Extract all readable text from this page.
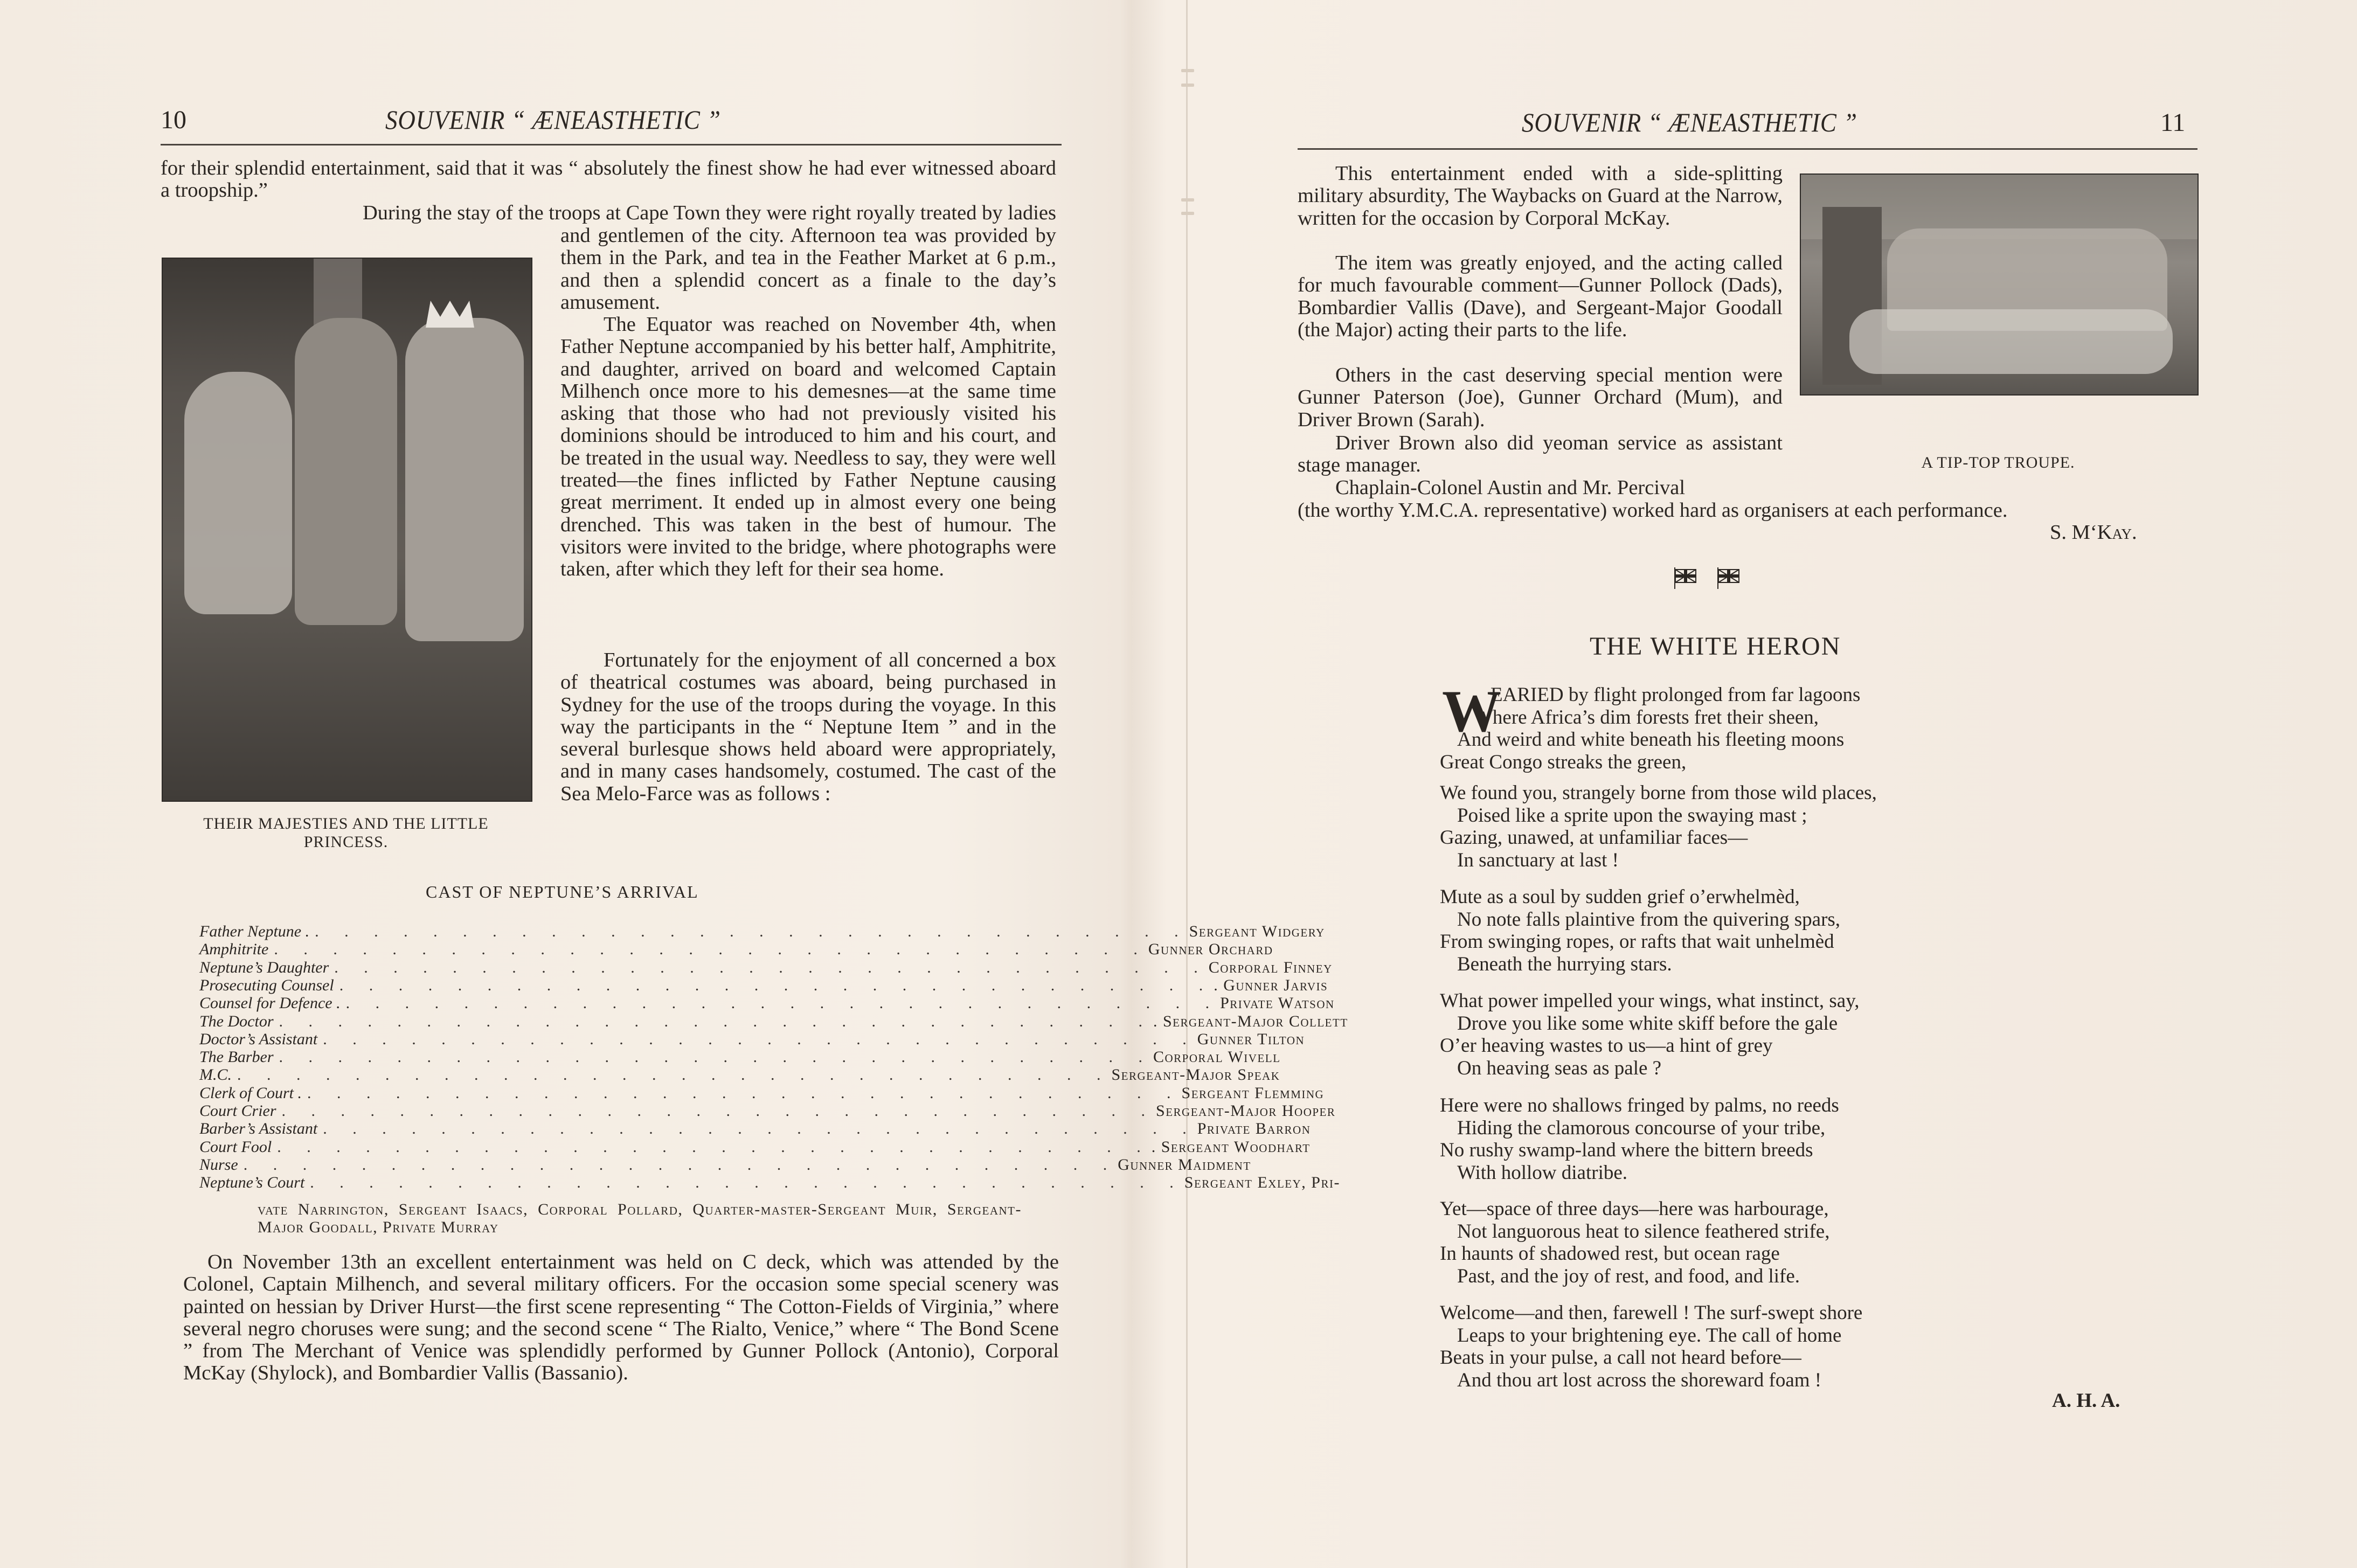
10	SOUVENIR “ ÆNEASTHETIC ”

for their splendid entertainment, said that it was “ absolutely the finest show he had ever witnessed aboard a troopship.”

During the stay of the troops at Cape Town they were right royally treated by ladies

and gentlemen of the city. Afternoon tea was provided by them in the Park, and tea in the Feather Market at 6 p.m., and then a splendid concert as a finale to the day’s amusement.

THEIR MAJESTIES AND THE LITTLE PRINCESS.

The Equator was reached on November 4th, when Father Neptune accompanied by his better half, Amphitrite, and daughter, arrived on board and welcomed Captain Milhench once more to his demesnes—at the same time asking that those who had not previously visited his dominions should be introduced to him and his court, and be treated in the usual way. Needless to say, they were well treated—the fines inflicted by Father Neptune causing great merriment. It ended up in almost every one being drenched. This was taken in the best of humour. The visitors were invited to the bridge, where photographs were taken, after which they left for their sea home.

Fortunately for the enjoyment of all concerned a box of theatrical costumes was aboard, being purchased in Sydney for the use of the troops during the voyage. In this way the participants in the “ Neptune Item ” and in the several burlesque shows held aboard were appropriately, and in many cases handsomely, costumed. The cast of the Sea Melo-Farce was as follows :

CAST OF NEPTUNE’S ARRIVAL
vate Narrington, Sergeant Isaacs, Corporal Pollard, Quarter-master-Sergeant Muir, Sergeant-Major Goodall, Private Murray

On November 13th an excellent entertainment was held on C deck, which was attended by the Colonel, Captain Milhench, and several military officers. For the occasion some special scenery was painted on hessian by Driver Hurst—the first scene representing “ The Cotton-Fields of Virginia,” where several negro choruses were sung; and the second scene “ The Rialto, Venice,” where “ The Bond Scene ” from The Merchant of Venice was splendidly performed by Gunner Pollock (Antonio), Corporal McKay (Shylock), and Bombardier Vallis (Bassanio).

Father Neptune . . . . . . . . . . . . . . . . . . . . . . . . . . . . . . . Sergeant Widgery
Amphitrite . . . . . . . . . . . . . . . . . . . . . . . . . . . . . . Gunner Orchard
Neptune’s Daughter . . . . . . . . . . . . . . . . . . . . . . . . . . . . . . Corporal Finney
Prosecuting Counsel . . . . . . . . . . . . . . . . . . . . . . . . . . . . . . . Gunner Jarvis
Counsel for Defence . . . . . . . . . . . . . . . . . . . . . . . . . . . . . . . Private Watson
The Doctor . . . . . . . . . . . . . . . . . . . . . . . . . . . . . . . Sergeant-Major Collett
Doctor’s Assistant . . . . . . . . . . . . . . . . . . . . . . . . . . . . . . Gunner Tilton
The Barber . . . . . . . . . . . . . . . . . . . . . . . . . . . . . . Corporal Wivell
M.C. . . . . . . . . . . . . . . . . . . . . . . . . . . . . . . Sergeant-Major Speak
Clerk of Court . . . . . . . . . . . . . . . . . . . . . . . . . . . . . . . Sergeant Flemming
Court Crier . . . . . . . . . . . . . . . . . . . . . . . . . . . . . . Sergeant-Major Hooper
Barber’s Assistant . . . . . . . . . . . . . . . . . . . . . . . . . . . . . . Private Barron
Court Fool . . . . . . . . . . . . . . . . . . . . . . . . . . . . . . . Sergeant Woodhart
Nurse . . . . . . . . . . . . . . . . . . . . . . . . . . . . . . Gunner Maidment
Neptune’s Court . . . . . . . . . . . . . . . . . . . . . . . . . . . . . . Sergeant Exley, Pri-
SOUVENIR “ ÆNEASTHETIC ”	11

This entertainment ended with a side-splitting military absurdity, The Waybacks on Guard at the Narrow, written for the occasion by Corporal McKay.

The item was greatly enjoyed, and the acting called for much favourable comment—Gunner Pollock (Dads), Bombardier Vallis (Dave), and Sergeant-Major Goodall (the Major) acting their parts to the life.

Others in the cast deserving special mention were Gunner Paterson (Joe), Gunner Orchard (Mum), and Driver Brown (Sarah).

Driver Brown also did yeoman service as assistant stage manager.

Chaplain-Colonel Austin and Mr. Percival

(the worthy Y.M.C.A. representative) worked hard as organisers at each performance.

S. M‘Kay.
A TIP-TOP TROUPE.
THE WHITE HERON
W
A. H. A.
EARIED by flight prolonged from far lagoons
Where Africa’s dim forests fret their sheen,
And weird and white beneath his fleeting moons
Great Congo streaks the green,
We found you, strangely borne from those wild places,
Poised like a sprite upon the swaying mast ;
Gazing, unawed, at unfamiliar faces—
In sanctuary at last !
Mute as a soul by sudden grief o’erwhelmèd,
No note falls plaintive from the quivering spars,
From swinging ropes, or rafts that wait unhelmèd
Beneath the hurrying stars.
What power impelled your wings, what instinct, say,
Drove you like some white skiff before the gale
O’er heaving wastes to us—a hint of grey
On heaving seas as pale ?
Here were no shallows fringed by palms, no reeds
Hiding the clamorous concourse of your tribe,
No rushy swamp-land where the bittern breeds
With hollow diatribe.
Yet—space of three days—here was harbourage,
Not languorous heat to silence feathered strife,
In haunts of shadowed rest, but ocean rage
Past, and the joy of rest, and food, and life.
Welcome—and then, farewell ! The surf-swept shore
Leaps to your brightening eye. The call of home
Beats in your pulse, a call not heard before—
And thou art lost across the shoreward foam !
